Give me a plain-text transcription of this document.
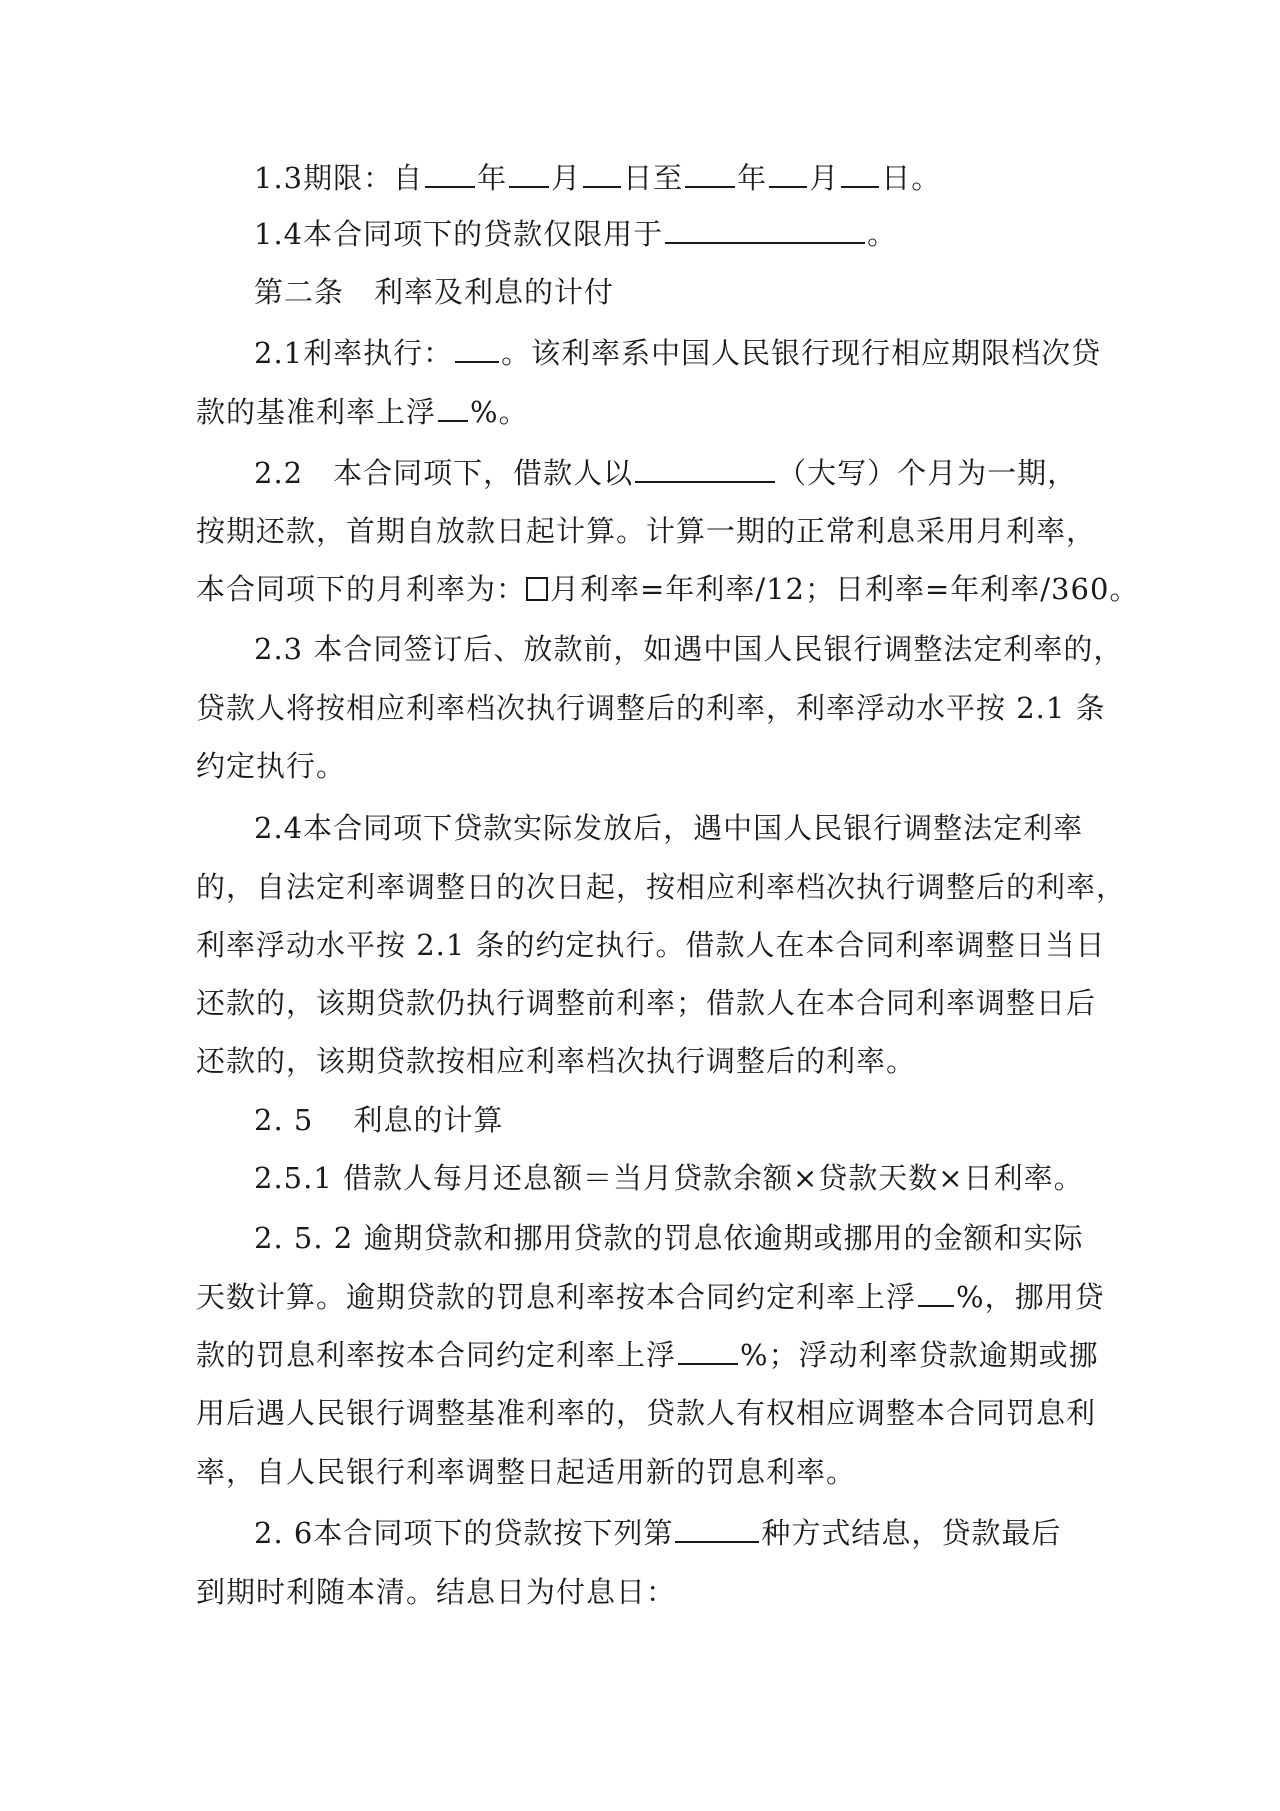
1.3期限：自 年 月 日至 年 月 日。
1.4本合同项下的贷款仅限用于	。
第二条　利率及利息的计付
2.1利率执行： 。该利率系中国人民银行现行相应期限档次贷
款的基准利率上浮 %。
2.2　本合同项下，借款人以	（大写）个月为一期，
按期还款，首期自放款日起计算。计算一期的正常利息采用月利率，
本合同项下的月利率为： 月利率=年利率/12；日利率=年利率/360。
2.3 本合同签订后、放款前，如遇中国人民银行调整法定利率的，
贷款人将按相应利率档次执行调整后的利率，利率浮动水平按 2.1 条
约定执行。
2.4本合同项下贷款实际发放后，遇中国人民银行调整法定利率
的，自法定利率调整日的次日起，按相应利率档次执行调整后的利率，
利率浮动水平按 2.1 条的约定执行。借款人在本合同利率调整日当日
还款的，该期贷款仍执行调整前利率；借款人在本合同利率调整日后
还款的，该期贷款按相应利率档次执行调整后的利率。
2. 5　 利息的计算
2.5.1 借款人每月还息额＝当月贷款余额×贷款天数×日利率。
2. 5. 2 逾期贷款和挪用贷款的罚息依逾期或挪用的金额和实际
天数计算。逾期贷款的罚息利率按本合同约定利率上浮 %，挪用贷
款的罚息利率按本合同约定利率上浮 %；浮动利率贷款逾期或挪
用后遇人民银行调整基准利率的，贷款人有权相应调整本合同罚息利
率，自人民银行利率调整日起适用新的罚息利率。
2. 6本合同项下的贷款按下列第	种方式结息，贷款最后
到期时利随本清。结息日为付息日：
